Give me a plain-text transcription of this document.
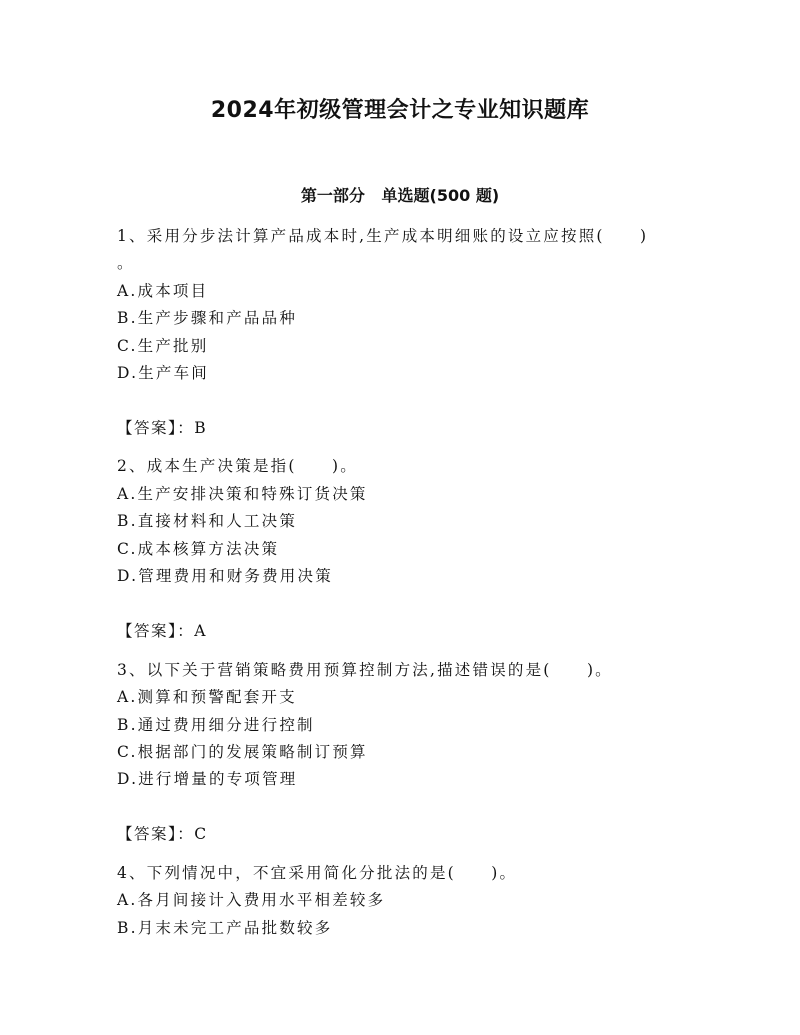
2024年初级管理会计之专业知识题库
第一部分   单选题(500 题)
1、采用分步法计算产品成本时,生产成本明细账的设立应按照(　　)
。
A.成本项目
B.生产步骤和产品品种
C.生产批别
D.生产车间
【答案】：B
2、成本生产决策是指(　　)。
A.生产安排决策和特殊订货决策
B.直接材料和人工决策
C.成本核算方法决策
D.管理费用和财务费用决策
【答案】：A
3、以下关于营销策略费用预算控制方法,描述错误的是(　　)。
A.测算和预警配套开支
B.通过费用细分进行控制
C.根据部门的发展策略制订预算
D.进行增量的专项管理
【答案】：C
4、下列情况中，不宜采用简化分批法的是(　　)。
A.各月间接计入费用水平相差较多
B.月末未完工产品批数较多
